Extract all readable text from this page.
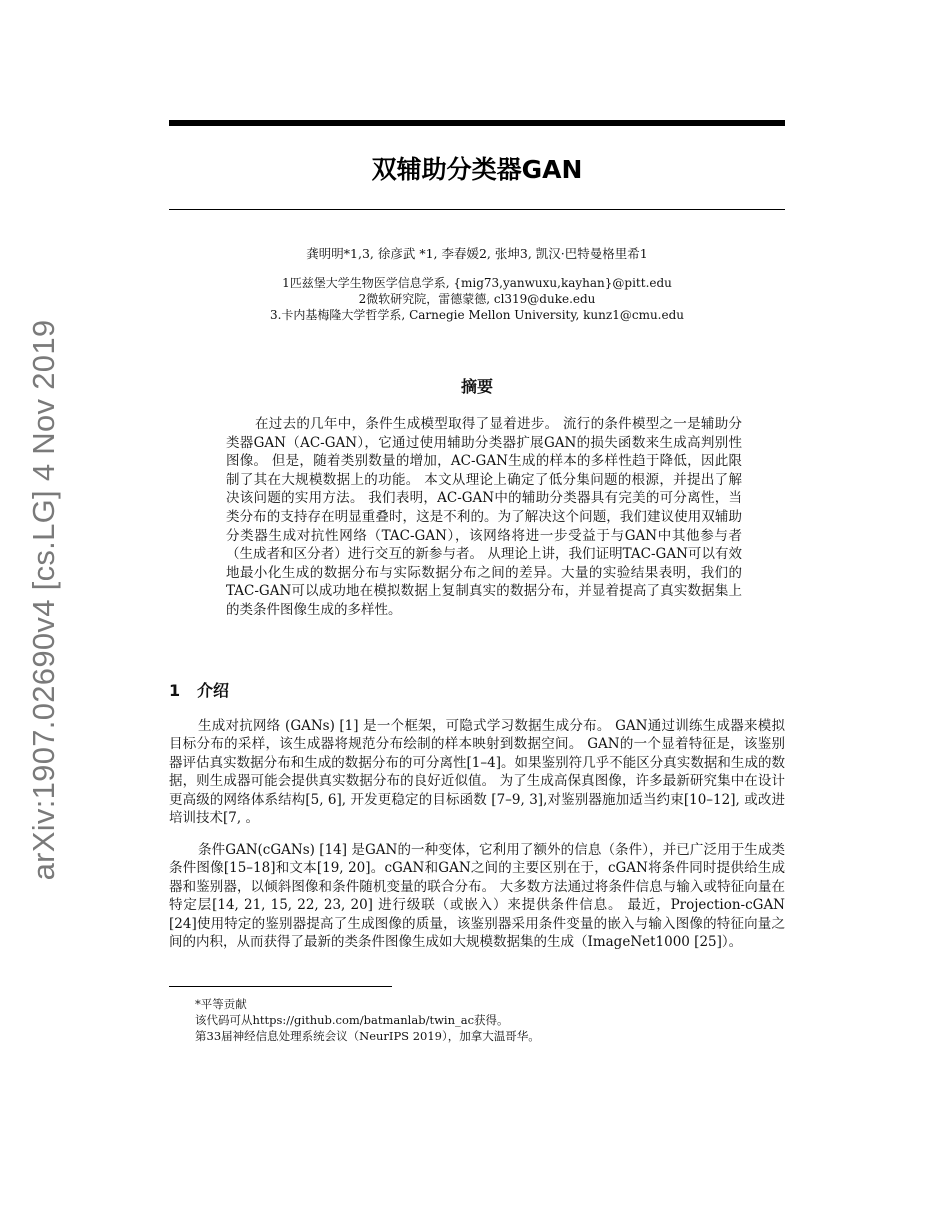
arXiv:1907.02690v4 [cs.LG] 4 Nov 2019
双辅助分类器GAN
龚明明*1,3, 徐彦武 *1, 李春媛2, 张坤3, 凯汉·巴特曼格里希1
1匹兹堡大学生物医学信息学系, {mig73,yanwuxu,kayhan}@pitt.edu
2微软研究院，雷德蒙德, cl319@duke.edu
3.卡内基梅隆大学哲学系, Carnegie Mellon University, kunz1@cmu.edu
摘要

在过去的几年中，条件生成模型取得了显着进步。 流行的条件模型之一是辅助分类器GAN（AC-GAN），它通过使用辅助分类器扩展GAN的损失函数来生成高判别性图像。 但是，随着类别数量的增加，AC-GAN生成的样本的多样性趋于降低，因此限制了其在大规模数据上的功能。 本文从理论上确定了低分集问题的根源，并提出了解决该问题的实用方法。 我们表明，AC-GAN中的辅助分类器具有完美的可分离性，当类分布的支持存在明显重叠时，这是不利的。为了解决这个问题，我们建议使用双辅助分类器生成对抗性网络（TAC-GAN），该网络将进一步受益于与GAN中其他参与者（生成者和区分者）进行交互的新参与者。 从理论上讲，我们证明TAC-GAN可以有效地最小化生成的数据分布与实际数据分布之间的差异。大量的实验结果表明，我们的TAC-GAN可以成功地在模拟数据上复制真实的数据分布，并显着提高了真实数据集上的类条件图像生成的多样性。

1 介绍

生成对抗网络 (GANs) [1] 是一个框架，可隐式学习数据生成分布。 GAN通过训练生成器来模拟目标分布的采样，该生成器将规范分布绘制的样本映射到数据空间。 GAN的一个显着特征是，该鉴别器评估真实数据分布和生成的数据分布的可分离性[1–4]。如果鉴别符几乎不能区分真实数据和生成的数据，则生成器可能会提供真实数据分布的良好近似值。 为了生成高保真图像，许多最新研究集中在设计更高级的网络体系结构[5, 6], 开发更稳定的目标函数 [7–9, 3],对鉴别器施加适当约束[10–12], 或改进培训技术[7, 。

条件GAN(cGANs) [14] 是GAN的一种变体，它利用了额外的信息（条件），并已广泛用于生成类条件图像[15–18]和文本[19, 20]。cGAN和GAN之间的主要区别在于，cGAN将条件同时提供给生成器和鉴别器，以倾斜图像和条件随机变量的联合分布。 大多数方法通过将条件信息与输入或特征向量在特定层[14, 21, 15, 22, 23, 20] 进行级联（或嵌入）来提供条件信息。 最近，Projection-cGAN [24]使用特定的鉴别器提高了生成图像的质量，该鉴别器采用条件变量的嵌入与输入图像的特征向量之间的内积，从而获得了最新的类条件图像生成如大规模数据集的生成（ImageNet1000 [25]）。

*平等贡献
该代码可从https://github.com/batmanlab/twin_ac获得。
第33届神经信息处理系统会议（NeurIPS 2019），加拿大温哥华。
